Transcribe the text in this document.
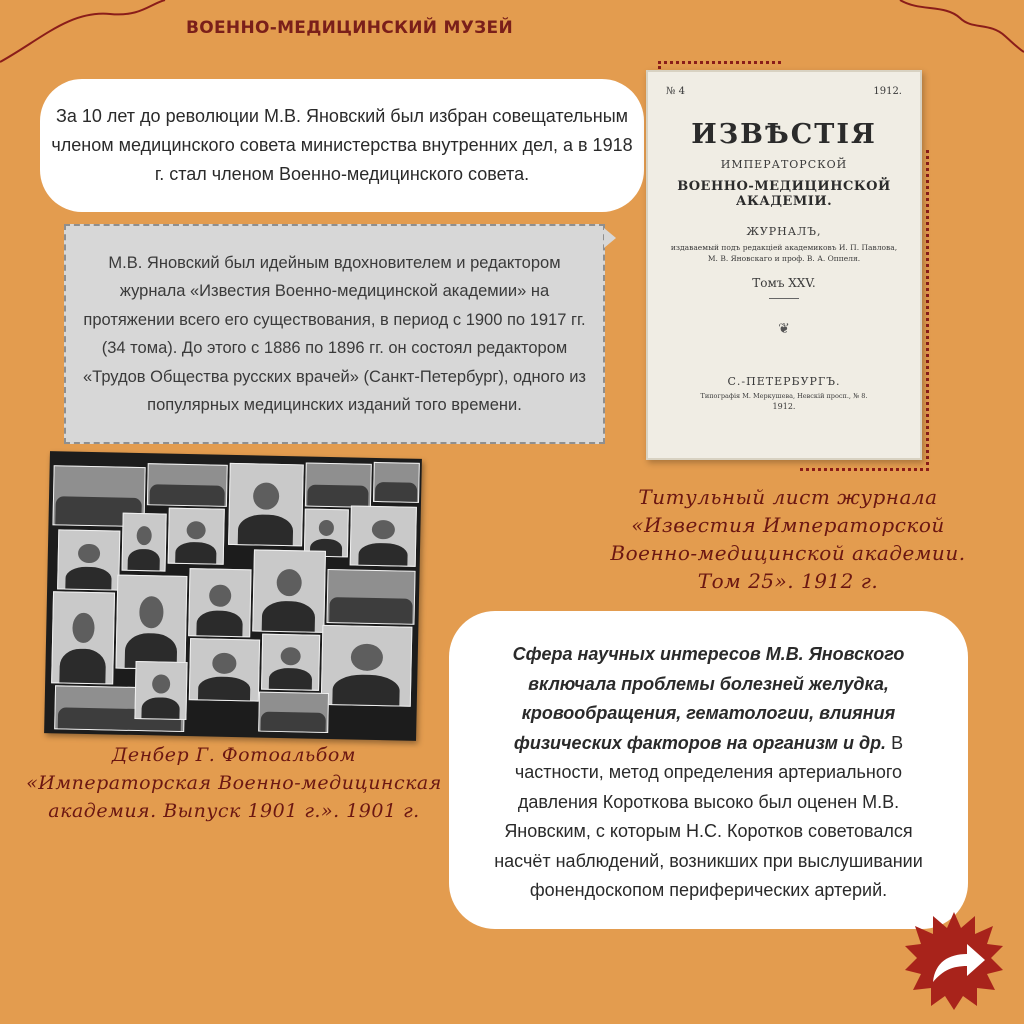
ВОЕННО-МЕДИЦИНСКИЙ МУЗЕЙ
За 10 лет до революции М.В. Яновский был избран совещательным членом медицинского совета министерства внутренних дел, а в 1918 г. стал членом Военно-медицинского совета.
М.В. Яновский был идейным вдохновителем и редактором журнала «Известия Военно-медицинской академии» на протяжении всего его существования, в период с 1900 по 1917 гг. (34 тома). До этого с 1886 по 1896 гг. он состоял редактором «Трудов Общества русских врачей» (Санкт-Петербург), одного из популярных медицинских изданий того времени.
№ 4	1912.
ИЗВѢСТІЯ
ИМПЕРАТОРСКОЙ
ВОЕННО-МЕДИЦИНСКОЙ АКАДЕМІИ.
ЖУРНАЛЪ,
издаваемый подъ редакціей академиковъ И. П. Павлова,
М. В. Яновскаго и проф. В. А. Оппеля.
Томъ XXV.
❦
С.-ПЕТЕРБУРГЪ.
Типографія М. Меркушева, Невскій просп., № 8.
1912.
Титульный лист журнала «Известия Императорской Военно-медицинской академии. Том 25». 1912 г.
Денбер Г. Фотоальбом «Императорская Военно-медицинская академия. Выпуск 1901 г.». 1901 г.
Сфера научных интересов М.В. Яновского включала проблемы болезней желудка, кровообращения, гематологии, влияния физических факторов на организм и др. В частности, метод определения артериального давления Короткова высоко был оценен М.В. Яновским, с которым Н.С. Коротков советовался насчёт наблюдений, возникших при выслушивании фонендоскопом периферических артерий.
